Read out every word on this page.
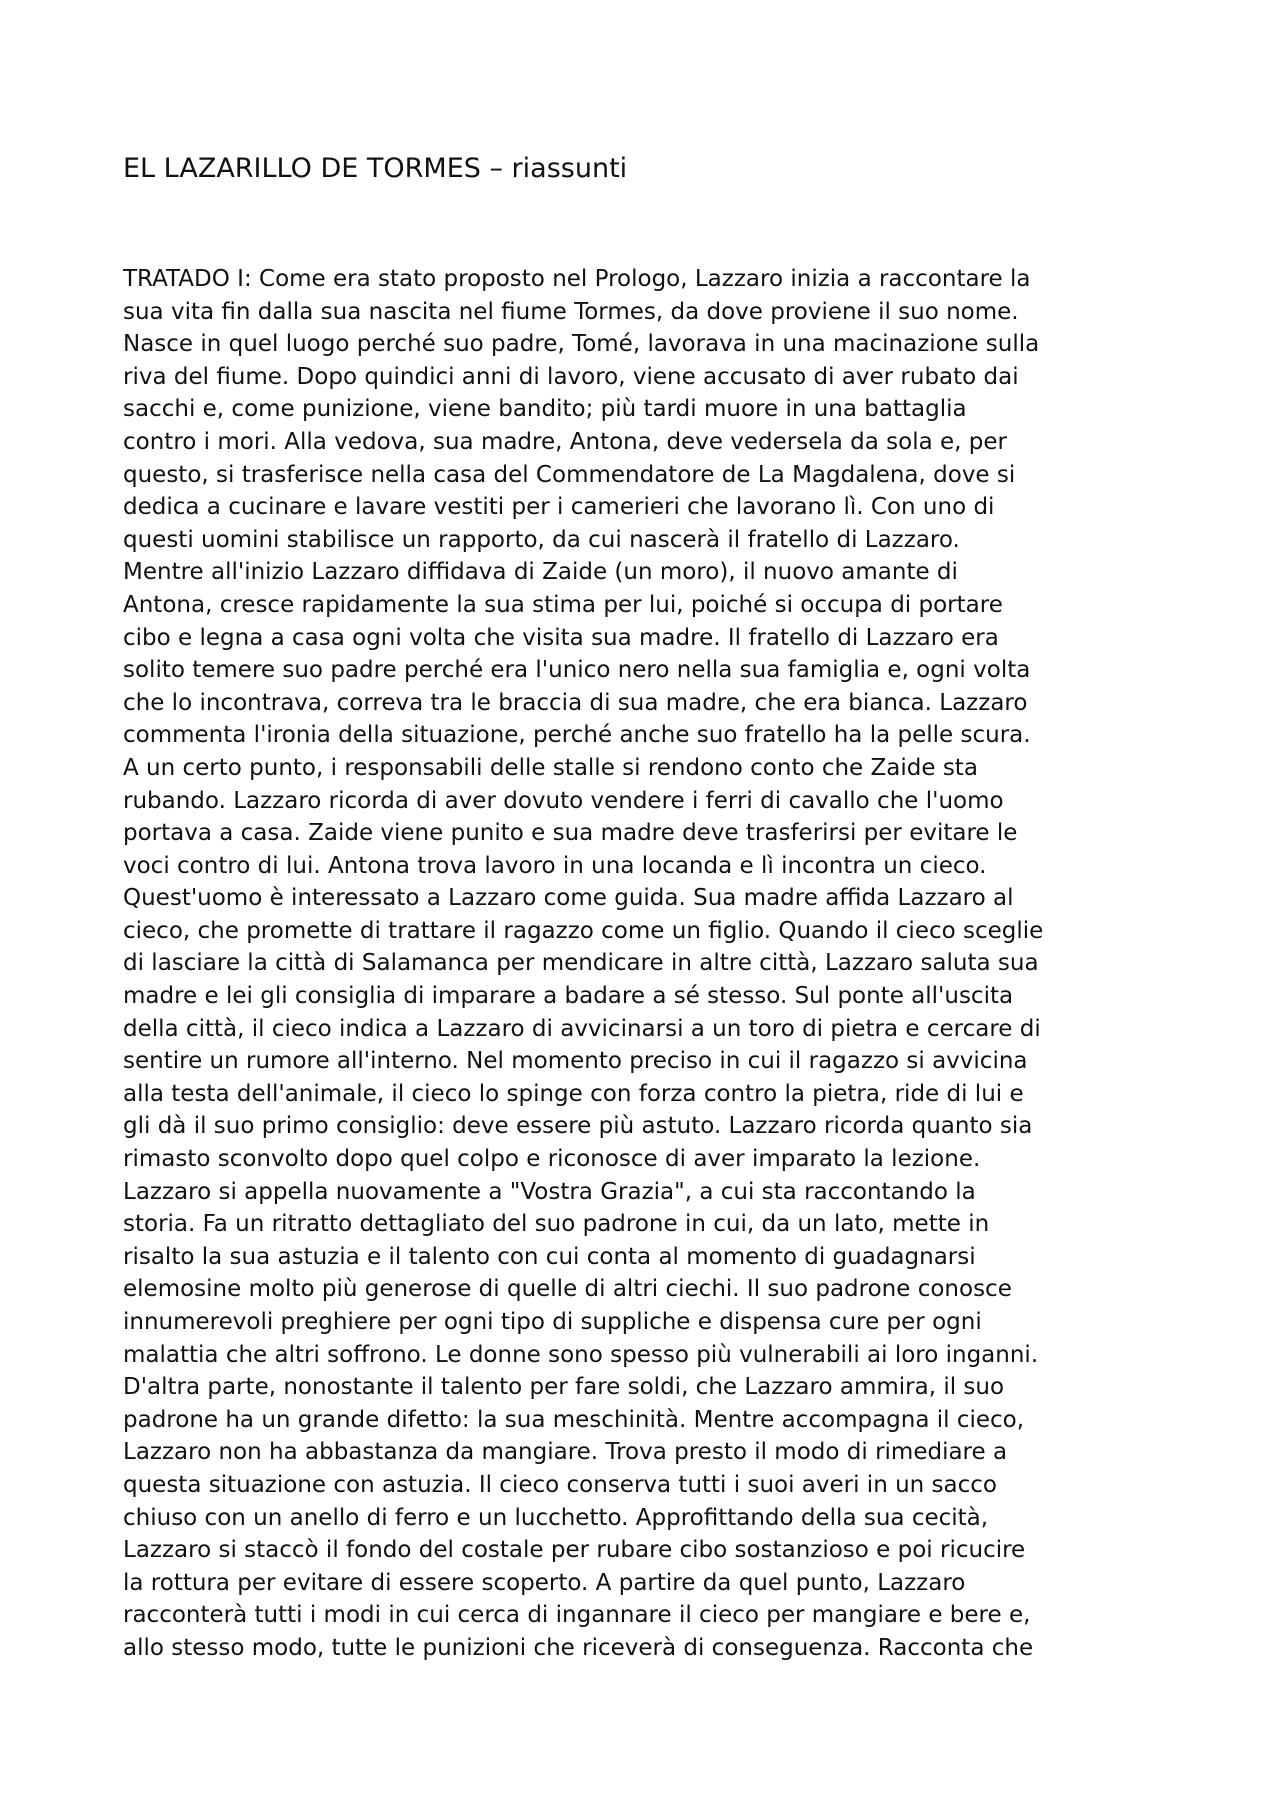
EL LAZARILLO DE TORMES – riassunti
TRATADO I: Come era stato proposto nel Prologo, Lazzaro inizia a raccontare la
sua vita fin dalla sua nascita nel fiume Tormes, da dove proviene il suo nome.
Nasce in quel luogo perché suo padre, Tomé, lavorava in una macinazione sulla
riva del fiume. Dopo quindici anni di lavoro, viene accusato di aver rubato dai
sacchi e, come punizione, viene bandito; più tardi muore in una battaglia
contro i mori. Alla vedova, sua madre, Antona, deve vedersela da sola e, per
questo, si trasferisce nella casa del Commendatore de La Magdalena, dove si
dedica a cucinare e lavare vestiti per i camerieri che lavorano lì. Con uno di
questi uomini stabilisce un rapporto, da cui nascerà il fratello di Lazzaro.
Mentre all'inizio Lazzaro diffidava di Zaide (un moro), il nuovo amante di
Antona, cresce rapidamente la sua stima per lui, poiché si occupa di portare
cibo e legna a casa ogni volta che visita sua madre. Il fratello di Lazzaro era
solito temere suo padre perché era l'unico nero nella sua famiglia e, ogni volta
che lo incontrava, correva tra le braccia di sua madre, che era bianca. Lazzaro
commenta l'ironia della situazione, perché anche suo fratello ha la pelle scura.
A un certo punto, i responsabili delle stalle si rendono conto che Zaide sta
rubando. Lazzaro ricorda di aver dovuto vendere i ferri di cavallo che l'uomo
portava a casa. Zaide viene punito e sua madre deve trasferirsi per evitare le
voci contro di lui. Antona trova lavoro in una locanda e lì incontra un cieco.
Quest'uomo è interessato a Lazzaro come guida. Sua madre affida Lazzaro al
cieco, che promette di trattare il ragazzo come un figlio. Quando il cieco sceglie
di lasciare la città di Salamanca per mendicare in altre città, Lazzaro saluta sua
madre e lei gli consiglia di imparare a badare a sé stesso. Sul ponte all'uscita
della città, il cieco indica a Lazzaro di avvicinarsi a un toro di pietra e cercare di
sentire un rumore all'interno. Nel momento preciso in cui il ragazzo si avvicina
alla testa dell'animale, il cieco lo spinge con forza contro la pietra, ride di lui e
gli dà il suo primo consiglio: deve essere più astuto. Lazzaro ricorda quanto sia
rimasto sconvolto dopo quel colpo e riconosce di aver imparato la lezione.
Lazzaro si appella nuovamente a "Vostra Grazia", a cui sta raccontando la
storia. Fa un ritratto dettagliato del suo padrone in cui, da un lato, mette in
risalto la sua astuzia e il talento con cui conta al momento di guadagnarsi
elemosine molto più generose di quelle di altri ciechi. Il suo padrone conosce
innumerevoli preghiere per ogni tipo di suppliche e dispensa cure per ogni
malattia che altri soffrono. Le donne sono spesso più vulnerabili ai loro inganni.
D'altra parte, nonostante il talento per fare soldi, che Lazzaro ammira, il suo
padrone ha un grande difetto: la sua meschinità. Mentre accompagna il cieco,
Lazzaro non ha abbastanza da mangiare. Trova presto il modo di rimediare a
questa situazione con astuzia. Il cieco conserva tutti i suoi averi in un sacco
chiuso con un anello di ferro e un lucchetto. Approfittando della sua cecità,
Lazzaro si staccò il fondo del costale per rubare cibo sostanzioso e poi ricucire
la rottura per evitare di essere scoperto. A partire da quel punto, Lazzaro
racconterà tutti i modi in cui cerca di ingannare il cieco per mangiare e bere e,
allo stesso modo, tutte le punizioni che riceverà di conseguenza. Racconta che
